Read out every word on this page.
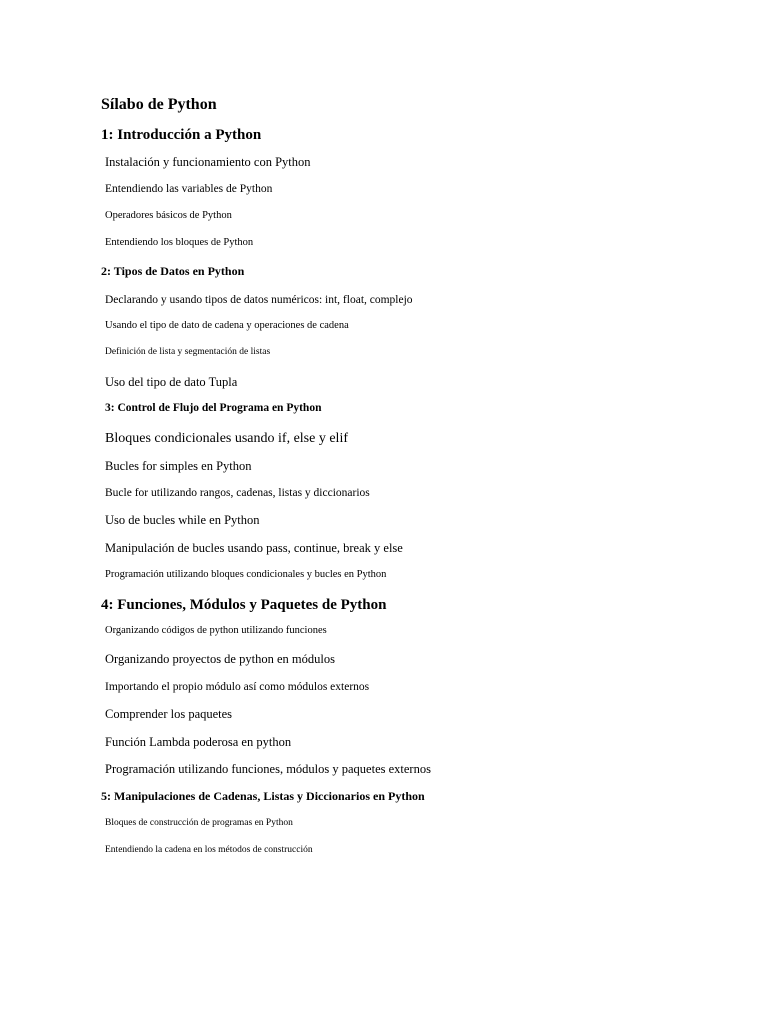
Sílabo de Python
1: Introducción a Python
Instalación y funcionamiento con Python
Entendiendo las variables de Python
Operadores básicos de Python
Entendiendo los bloques de Python
2: Tipos de Datos en Python
Declarando y usando tipos de datos numéricos: int, float, complejo
Usando el tipo de dato de cadena y operaciones de cadena
Definición de lista y segmentación de listas
Uso del tipo de dato Tupla
3: Control de Flujo del Programa en Python
Bloques condicionales usando if, else y elif
Bucles for simples en Python
Bucle for utilizando rangos, cadenas, listas y diccionarios
Uso de bucles while en Python
Manipulación de bucles usando pass, continue, break y else
Programación utilizando bloques condicionales y bucles en Python
4: Funciones, Módulos y Paquetes de Python
Organizando códigos de python utilizando funciones
Organizando proyectos de python en módulos
Importando el propio módulo así como módulos externos
Comprender los paquetes
Función Lambda poderosa en python
Programación utilizando funciones, módulos y paquetes externos
5: Manipulaciones de Cadenas, Listas y Diccionarios en Python
Bloques de construcción de programas en Python
Entendiendo la cadena en los métodos de construcción
